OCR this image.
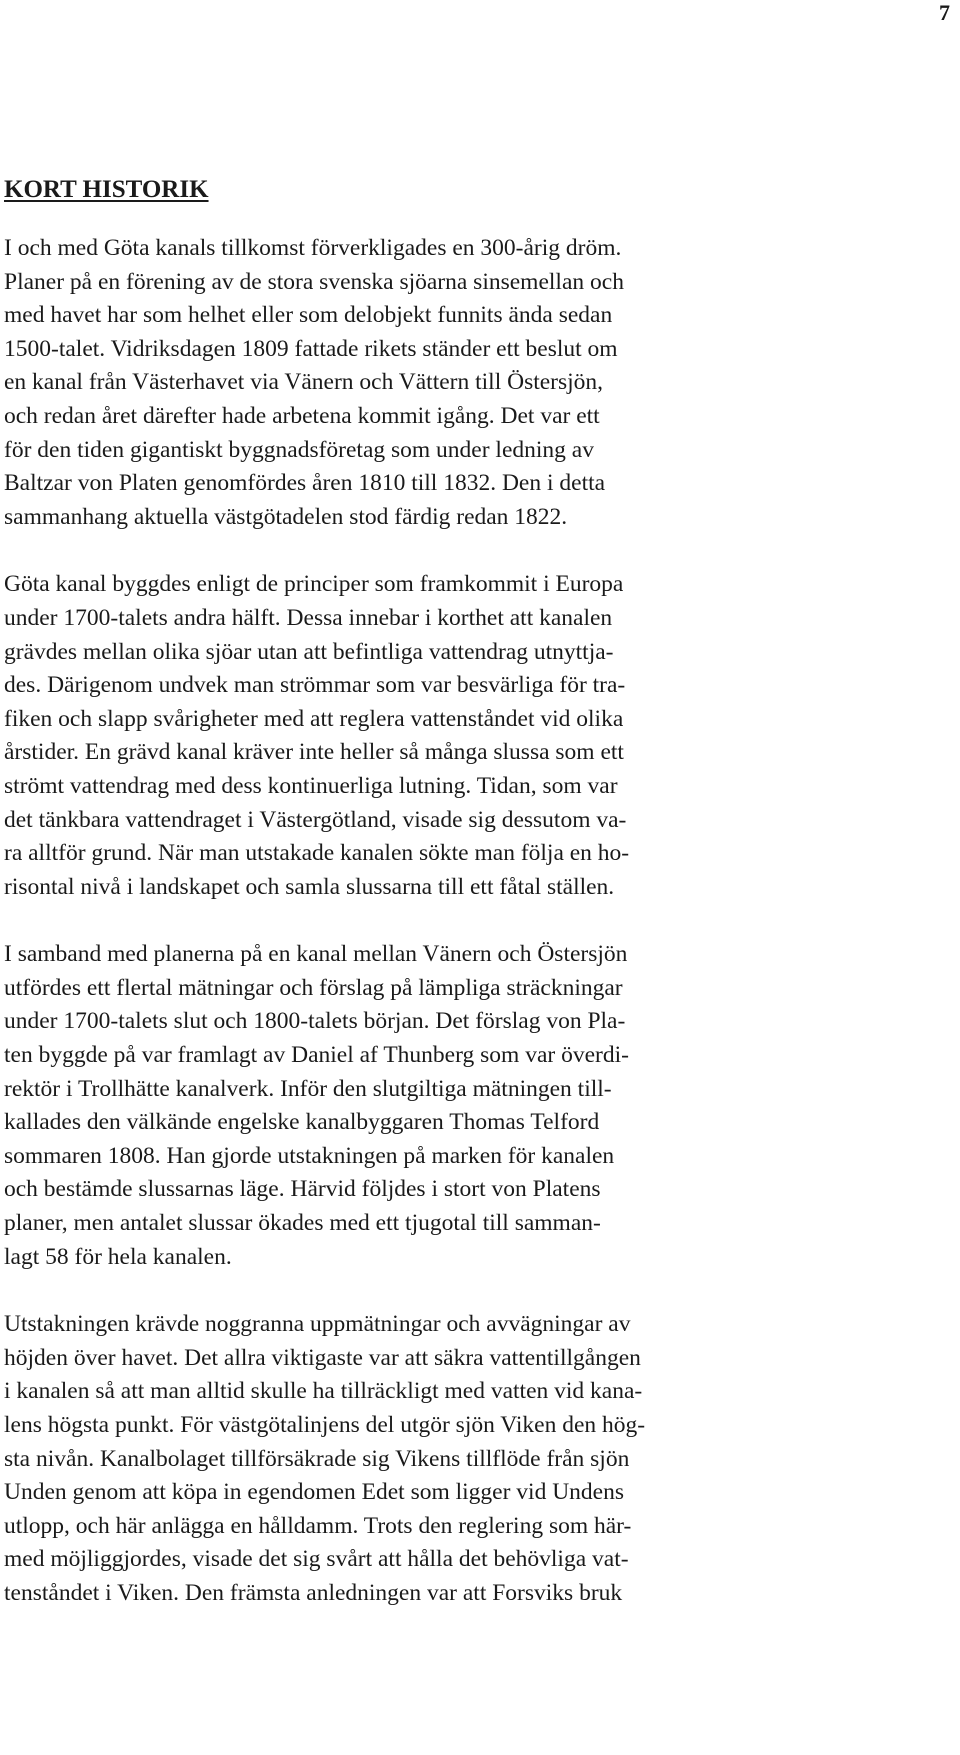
7
KORT HISTORIK

I och med Göta kanals tillkomst förverkligades en 300-årig dröm.
Planer på en förening av de stora svenska sjöarna sinsemellan och
med havet har som helhet eller som delobjekt funnits ända sedan
1500-talet. Vidriksdagen 1809 fattade rikets ständer ett beslut om
en kanal från Västerhavet via Vänern och Vättern till Östersjön,
och redan året därefter hade arbetena kommit igång. Det var ett
för den tiden gigantiskt byggnadsföretag som under ledning av
Baltzar von Platen genomfördes åren 1810 till 1832. Den i detta
sammanhang aktuella västgötadelen stod färdig redan 1822.

Göta kanal byggdes enligt de principer som framkommit i Europa
under 1700-talets andra hälft. Dessa innebar i korthet att kanalen
grävdes mellan olika sjöar utan att befintliga vattendrag utnyttja-
des. Därigenom undvek man strömmar som var besvärliga för tra-
fiken och slapp svårigheter med att reglera vattenståndet vid olika
årstider. En grävd kanal kräver inte heller så många slussa som ett
strömt vattendrag med dess kontinuerliga lutning. Tidan, som var
det tänkbara vattendraget i Västergötland, visade sig dessutom va-
ra alltför grund. När man utstakade kanalen sökte man följa en ho-
risontal nivå i landskapet och samla slussarna till ett fåtal ställen.

I samband med planerna på en kanal mellan Vänern och Östersjön
utfördes ett flertal mätningar och förslag på lämpliga sträckningar
under 1700-talets slut och 1800-talets början. Det förslag von Pla-
ten byggde på var framlagt av Daniel af Thunberg som var överdi-
rektör i Trollhätte kanalverk. Inför den slutgiltiga mätningen till-
kallades den välkände engelske kanalbyggaren Thomas Telford
sommaren 1808. Han gjorde utstakningen på marken för kanalen
och bestämde slussarnas läge. Härvid följdes i stort von Platens
planer, men antalet slussar ökades med ett tjugotal till samman-
lagt 58 för hela kanalen.

Utstakningen krävde noggranna uppmätningar och avvägningar av
höjden över havet. Det allra viktigaste var att säkra vattentillgången
i kanalen så att man alltid skulle ha tillräckligt med vatten vid kana-
lens högsta punkt. För västgötalinjens del utgör sjön Viken den hög-
sta nivån. Kanalbolaget tillförsäkrade sig Vikens tillflöde från sjön
Unden genom att köpa in egendomen Edet som ligger vid Undens
utlopp, och här anlägga en hålldamm. Trots den reglering som här-
med möjliggjordes, visade det sig svårt att hålla det behövliga vat-
tenståndet i Viken. Den främsta anledningen var att Forsviks bruk
